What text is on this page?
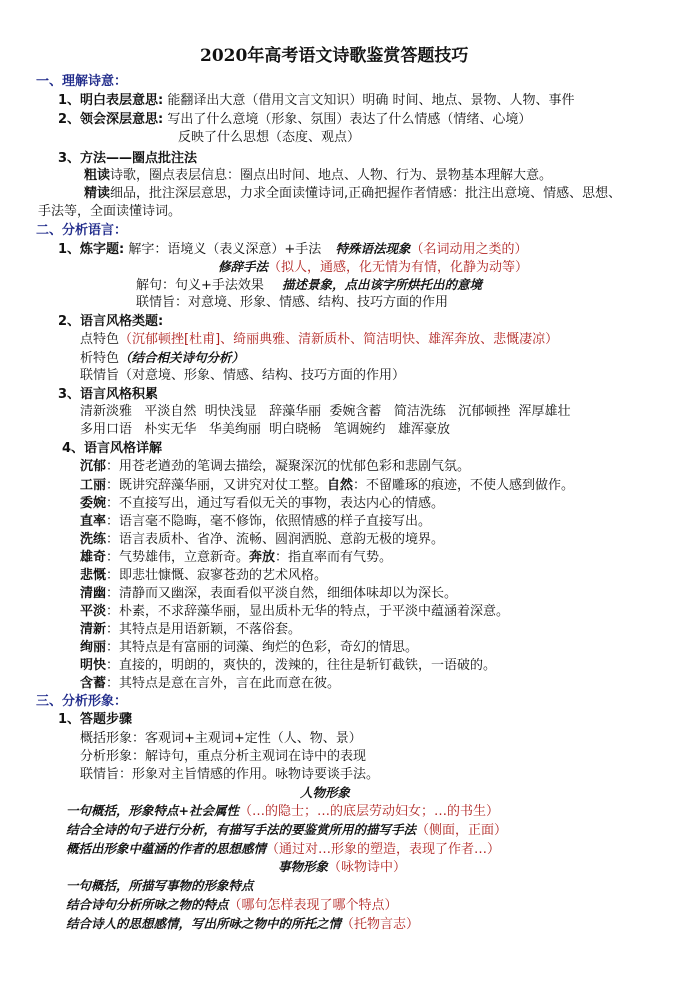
2020年高考语文诗歌鉴赏答题技巧
一、理解诗意：
1、明白表层意思: 能翻译出大意（借用文言文知识）明确 时间、地点、景物、人物、事件
2、领会深层意思: 写出了什么意境（形象、氛围）表达了什么情感（情绪、心境）
反映了什么思想（态度、观点）
3、方法——圈点批注法
粗读诗歌，圈点表层信息：圈点出时间、地点、人物、行为、景物基本理解大意。
精读细品，批注深层意思，力求全面读懂诗词,正确把握作者情感：批注出意境、情感、思想、
手法等，全面读懂诗词。
二、分析语言：
1、炼字题: 解字：语境义（表义深意）+手法 特殊语法现象（名词动用之类的）
修辞手法（拟人，通感，化无情为有情，化静为动等）
解句：句义+手法效果 描述景象，点出该字所烘托出的意境
联情旨：对意境、形象、情感、结构、技巧方面的作用
2、语言风格类题:
点特色（沉郁顿挫[杜甫]、绮丽典雅、清新质朴、简洁明快、雄浑奔放、悲慨凄凉）
析特色（结合相关诗句分析）
联情旨（对意境、形象、情感、结构、技巧方面的作用）
3、语言风格积累
清新淡雅 平淡自然 明快浅显 辞藻华丽 委婉含蓄 简洁洗练 沉郁顿挫 浑厚雄壮
多用口语 朴实无华 华美绚丽 明白晓畅 笔调婉约 雄浑豪放
4、语言风格详解
沉郁：用苍老遒劲的笔调去描绘，凝聚深沉的忧郁色彩和悲剧气氛。
工丽：既讲究辞藻华丽，又讲究对仗工整。自然：不留雕琢的痕迹，不使人感到做作。
委婉：不直接写出，通过写看似无关的事物，表达内心的情感。
直率：语言毫不隐晦，毫不修饰，依照情感的样子直接写出。
洗练：语言表质朴、省净、流畅、圆润洒脱、意韵无极的境界。
雄奇：气势雄伟，立意新奇。奔放：指直率而有气势。
悲慨：即悲壮慷慨、寂寥苍劲的艺术风格。
清幽：清静而又幽深，表面看似平淡自然，细细体味却以为深长。
平淡：朴素，不求辞藻华丽，显出质朴无华的特点，于平淡中蕴涵着深意。
清新：其特点是用语新颖，不落俗套。
绚丽：其特点是有富丽的词藻、绚烂的色彩，奇幻的情思。
明快：直接的，明朗的，爽快的，泼辣的，往往是斩钉截铁，一语破的。
含蓄：其特点是意在言外，言在此而意在彼。
三、分析形象：
1、答题步骤
概括形象：客观词+主观词+定性（人、物、景）
分析形象：解诗句，重点分析主观词在诗中的表现
联情旨：形象对主旨情感的作用。咏物诗要谈手法。
人物形象
一句概括，形象特点+社会属性（…的隐士；…的底层劳动妇女；…的书生）
结合全诗的句子进行分析，有描写手法的要鉴赏所用的描写手法（侧面，正面）
概括出形象中蕴涵的作者的思想感情（通过对…形象的塑造，表现了作者…）
事物形象（咏物诗中）
一句概括，所描写事物的形象特点
结合诗句分析所咏之物的特点（哪句怎样表现了哪个特点）
结合诗人的思想感情，写出所咏之物中的所托之情（托物言志）
